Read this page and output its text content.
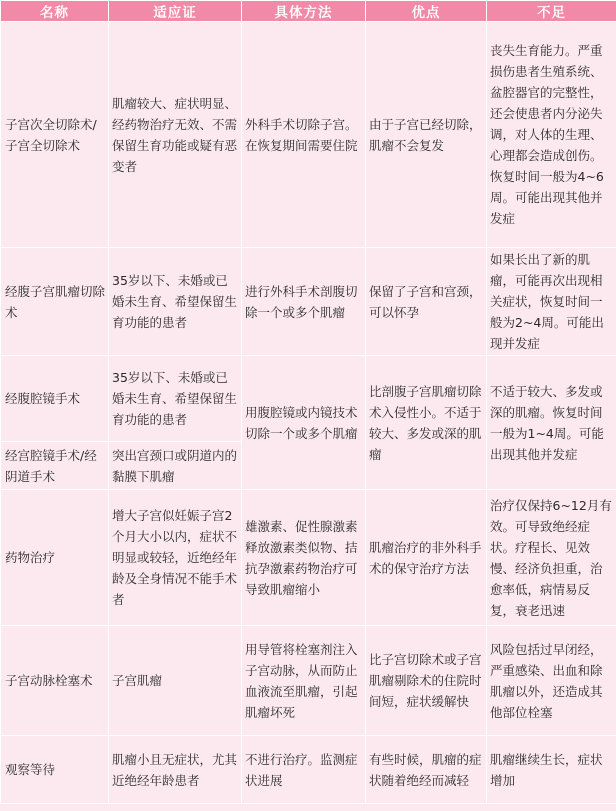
名称	适应证	具体方法	优点	不足
子宫次全切除术/子宫全切除术	肌瘤较大、症状明显、经药物治疗无效、不需保留生育功能或疑有恶变者	外科手术切除子宫。在恢复期间需要住院	由于子宫已经切除，肌瘤不会复发	丧失生育能力。严重损伤患者生殖系统、盆腔器官的完整性，还会使患者内分泌失调，对人体的生理、心理都会造成创伤。恢复时间一般为4~6周。可能出现其他并发症
经腹子宫肌瘤切除术	35岁以下、未婚或已婚未生育、希望保留生育功能的患者	进行外科手术剖腹切除一个或多个肌瘤	保留了子宫和宫颈，可以怀孕	如果长出了新的肌瘤，可能再次出现相关症状，恢复时间一般为2~4周。可能出现并发症
经腹腔镜手术	35岁以下、未婚或已婚未生育、希望保留生育功能的患者	用腹腔镜或内镜技术切除一个或多个肌瘤	比剖腹子宫肌瘤切除术入侵性小。不适于较大、多发或深的肌瘤	不适于较大、多发或深的肌瘤。恢复时间一般为1~4周。可能出现其他并发症
经宫腔镜手术/经阴道手术	突出宫颈口或阴道内的黏膜下肌瘤			
药物治疗	增大子宫似妊娠子宫2个月大小以内，症状不明显或较轻，近绝经年龄及全身情况不能手术者	雄激素、促性腺激素释放激素类似物、拮抗孕激素药物治疗可导致肌瘤缩小	肌瘤治疗的非外科手术的保守治疗方法	治疗仅保持6~12月有效。可导致绝经症状。疗程长、见效慢、经济负担重，治愈率低，病情易反复，衰老迅速
子宫动脉栓塞术	子宫肌瘤	用导管将栓塞剂注入子宫动脉，从而防止血液流至肌瘤，引起肌瘤坏死	比子宫切除术或子宫肌瘤剔除术的住院时间短，症状缓解快	风险包括过早闭经，严重感染、出血和除肌瘤以外，还造成其他部位栓塞
观察等待	肌瘤小且无症状，尤其近绝经年龄患者	不进行治疗。监测症状进展	有些时候，肌瘤的症状随着绝经而减轻	肌瘤继续生长，症状增加
